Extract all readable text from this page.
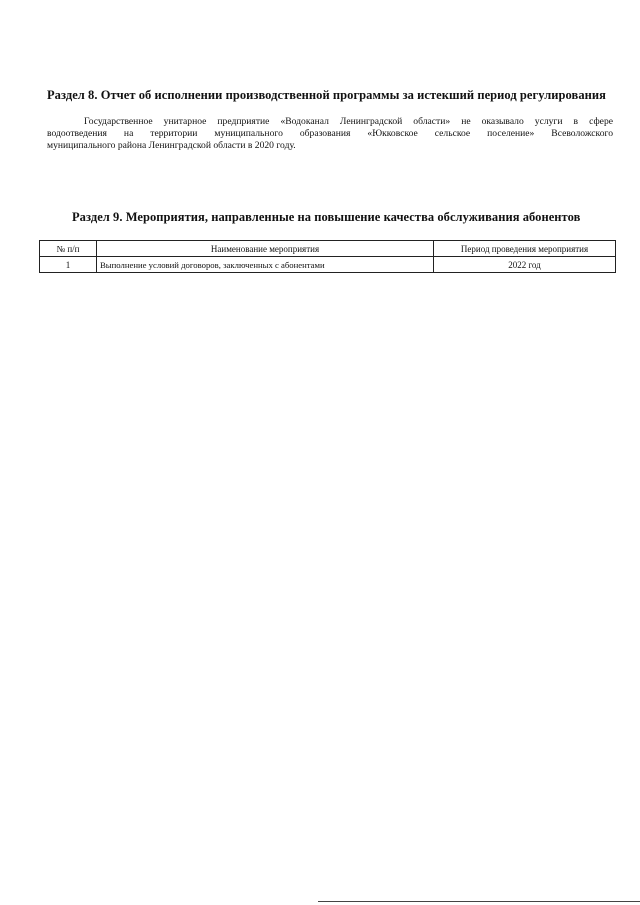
Раздел 8. Отчет об исполнении производственной программы за истекший период регулирования
Государственное унитарное предприятие «Водоканал Ленинградской области» не оказывало услуги в сфере
водоотведения на территории муниципального образования «Юкковское сельское поселение» Всеволожского
муниципального района Ленинградской области в 2020 году.
Раздел 9. Мероприятия, направленные на повышение качества обслуживания абонентов
№ п/п	Наименование мероприятия	Период проведения мероприятия
1	Выполнение условий договоров, заключенных с абонентами	2022 год
